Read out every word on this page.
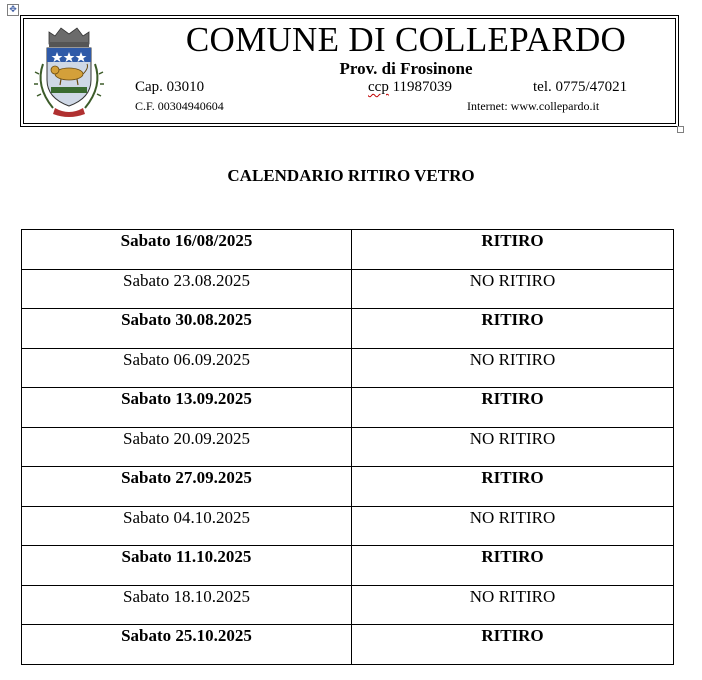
✥
COMUNE DI COLLEPARDO
Prov. di Frosinone
Cap. 03010	ccp 11987039	tel. 0775/47021
C.F. 00304940604	Internet: www.collepardo.it
CALENDARIO RITIRO VETRO
Sabato 16/08/2025	RITIRO
Sabato 23.08.2025	NO RITIRO
Sabato 30.08.2025	RITIRO
Sabato 06.09.2025	NO RITIRO
Sabato 13.09.2025	RITIRO
Sabato 20.09.2025	NO RITIRO
Sabato 27.09.2025	RITIRO
Sabato 04.10.2025	NO RITIRO
Sabato 11.10.2025	RITIRO
Sabato 18.10.2025	NO RITIRO
Sabato 25.10.2025	RITIRO
